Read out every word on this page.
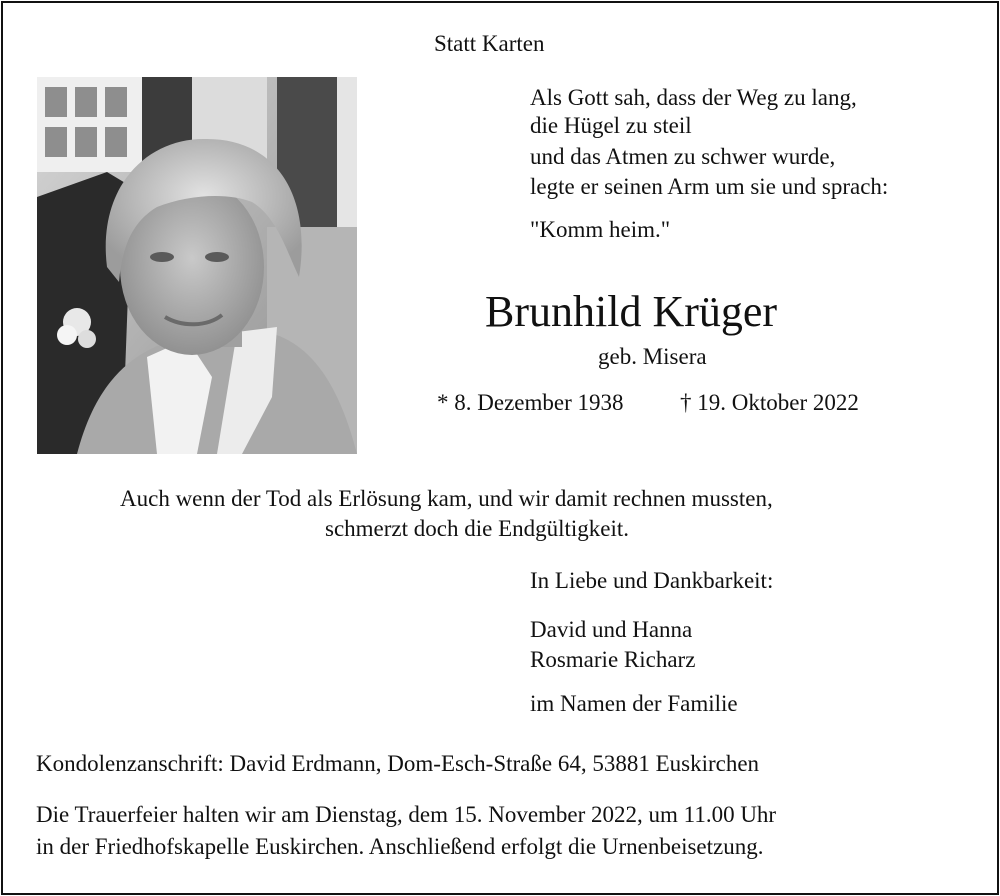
Statt Karten
Als Gott sah, dass der Weg zu lang,
die Hügel zu steil
und das Atmen zu schwer wurde,
legte er seinen Arm um sie und sprach:
"Komm heim."
Brunhild Krüger
geb. Misera
* 8. Dezember 1938 † 19. Oktober 2022
Auch wenn der Tod als Erlösung kam, und wir damit rechnen mussten,
schmerzt doch die Endgültigkeit.
In Liebe und Dankbarkeit:
David und Hanna
Rosmarie Richarz
im Namen der Familie
Kondolenzanschrift: David Erdmann, Dom-Esch-Straße 64, 53881 Euskirchen
Die Trauerfeier halten wir am Dienstag, dem 15. November 2022, um 11.00 Uhr
in der Friedhofskapelle Euskirchen. Anschließend erfolgt die Urnenbeisetzung.
